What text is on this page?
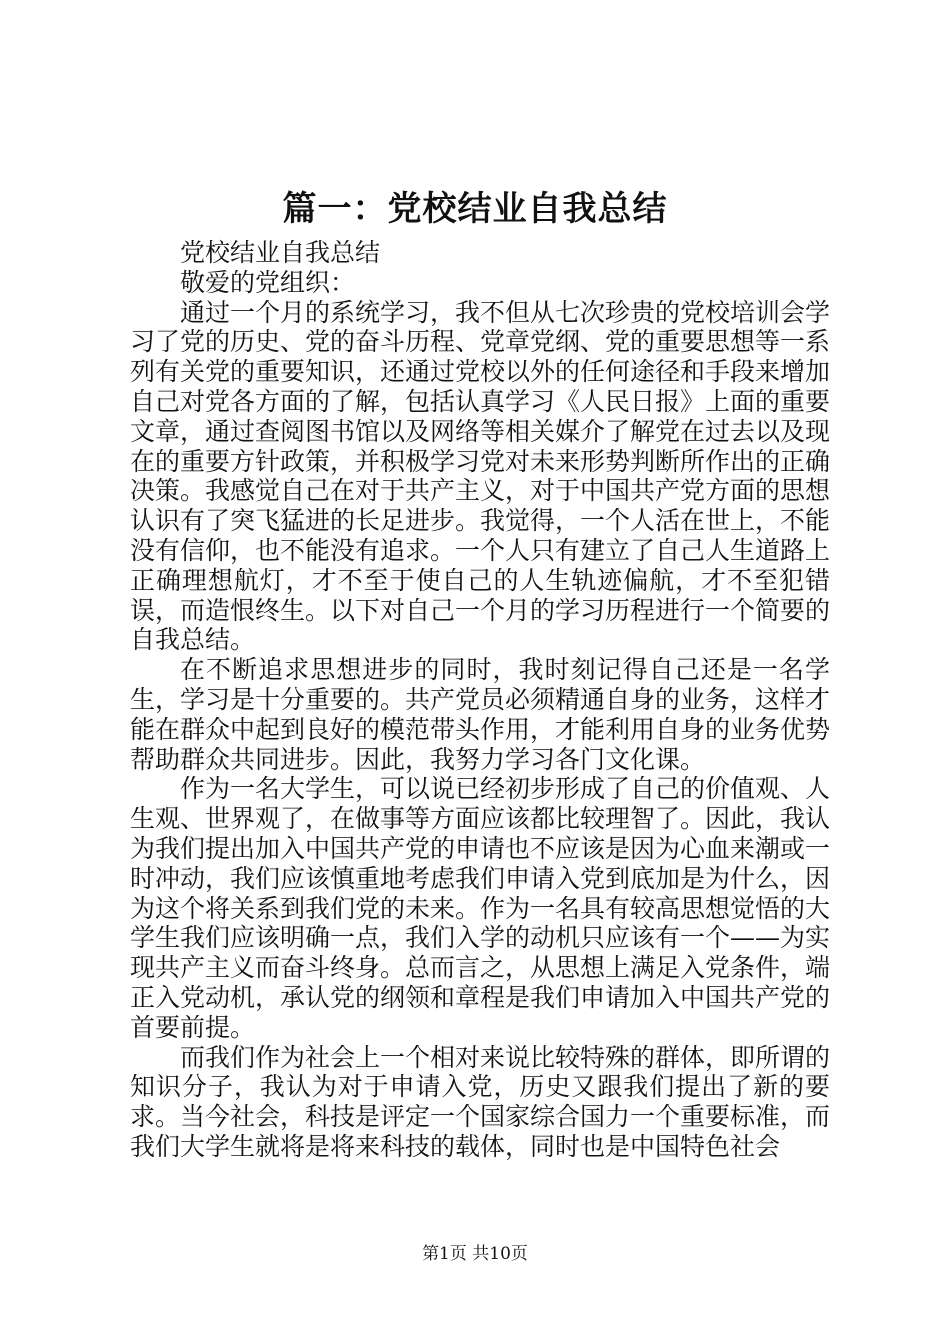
篇一：党校结业自我总结

党校结业自我总结

敬爱的党组织：

通过一个月的系统学习，我不但从七次珍贵的党校培训会学习了党的历史、党的奋斗历程、党章党纲、党的重要思想等一系列有关党的重要知识，还通过党校以外的任何途径和手段来增加自己对党各方面的了解，包括认真学习《人民日报》上面的重要文章，通过查阅图书馆以及网络等相关媒介了解党在过去以及现在的重要方针政策，并积极学习党对未来形势判断所作出的正确决策。我感觉自己在对于共产主义，对于中国共产党方面的思想认识有了突飞猛进的长足进步。我觉得，一个人活在世上，不能没有信仰，也不能没有追求。一个人只有建立了自己人生道路上正确理想航灯，才不至于使自己的人生轨迹偏航，才不至犯错误，而造恨终生。以下对自己一个月的学习历程进行一个简要的自我总结。

在不断追求思想进步的同时，我时刻记得自己还是一名学生，学习是十分重要的。共产党员必须精通自身的业务，这样才能在群众中起到良好的模范带头作用，才能利用自身的业务优势帮助群众共同进步。因此，我努力学习各门文化课。

作为一名大学生，可以说已经初步形成了自己的价值观、人生观、世界观了，在做事等方面应该都比较理智了。因此，我认为我们提出加入中国共产党的申请也不应该是因为心血来潮或一时冲动，我们应该慎重地考虑我们申请入党到底加是为什么，因为这个将关系到我们党的未来。作为一名具有较高思想觉悟的大学生我们应该明确一点，我们入学的动机只应该有一个——为实现共产主义而奋斗终身。总而言之，从思想上满足入党条件，端正入党动机，承认党的纲领和章程是我们申请加入中国共产党的首要前提。

而我们作为社会上一个相对来说比较特殊的群体，即所谓的知识分子，我认为对于申请入党，历史又跟我们提出了新的要求。当今社会，科技是评定一个国家综合国力一个重要标准，而我们大学生就将是将来科技的载体，同时也是中国特色社会

第1页 共10页
